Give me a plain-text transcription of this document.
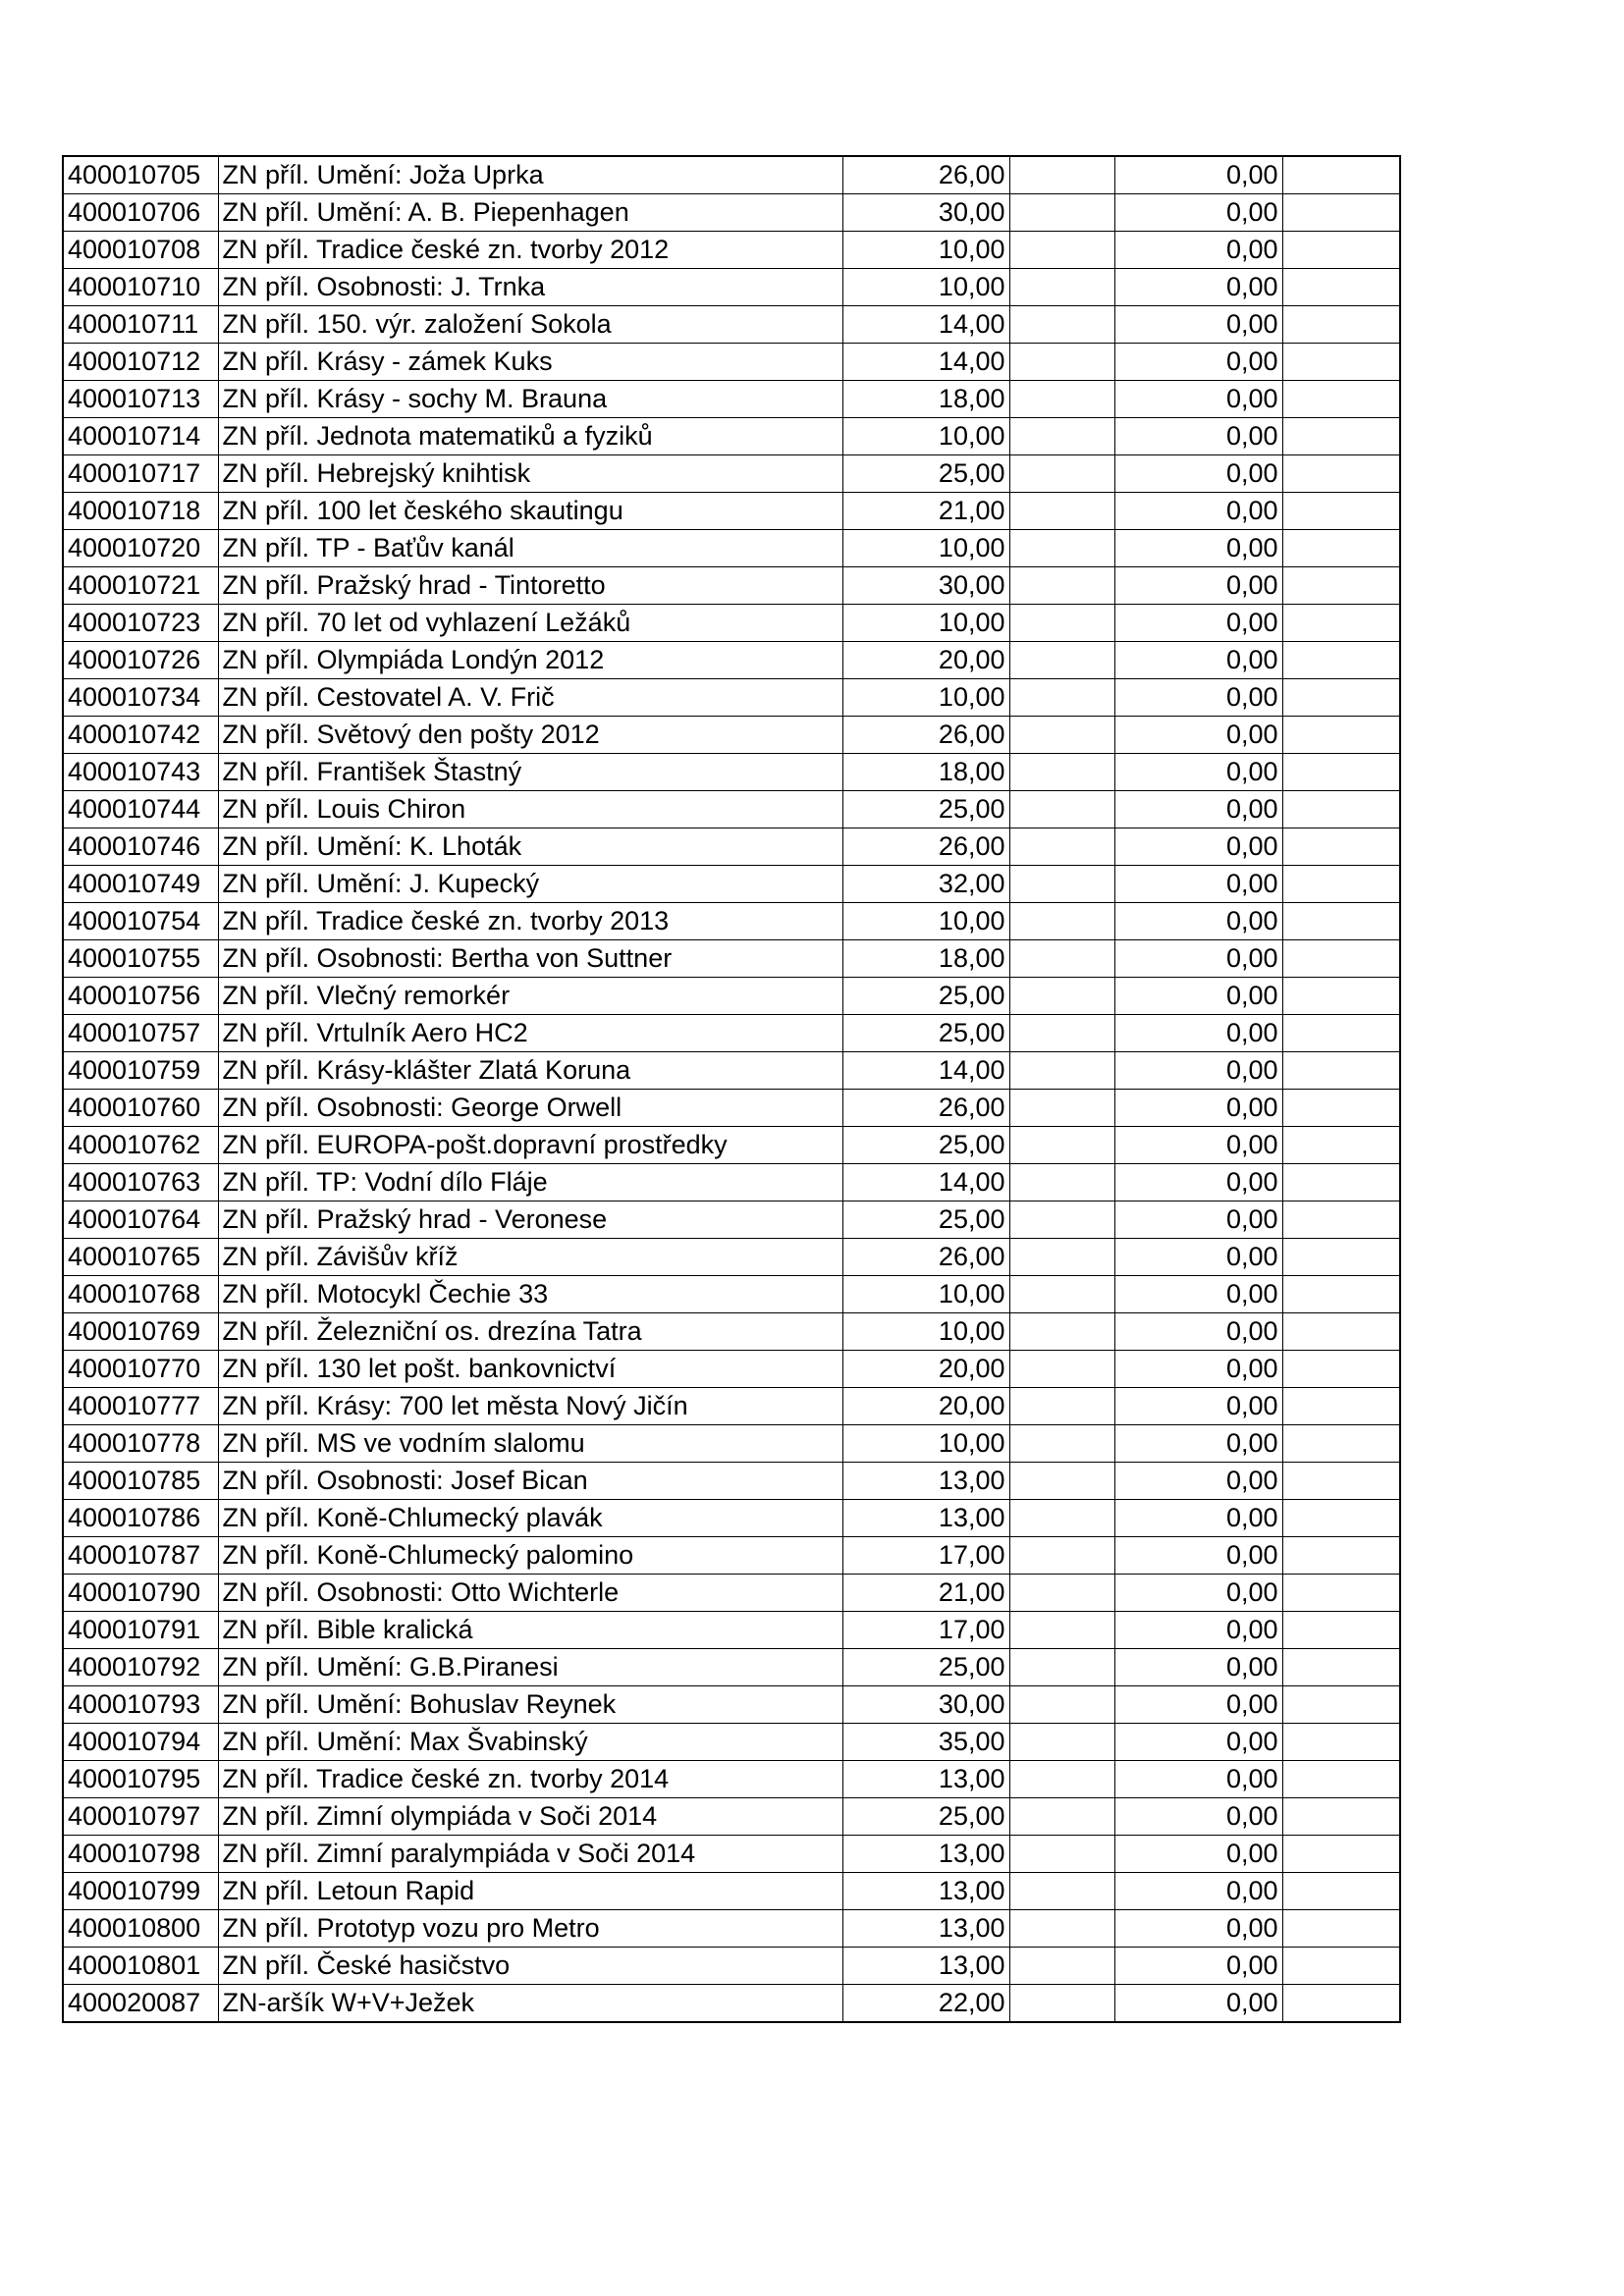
400010705	ZN příl. Umění: Joža Uprka	26,00		0,00	
400010706	ZN příl. Umění: A. B. Piepenhagen	30,00		0,00	
400010708	ZN příl. Tradice české zn. tvorby 2012	10,00		0,00	
400010710	ZN příl. Osobnosti: J. Trnka	10,00		0,00	
400010711	ZN příl. 150. výr. založení Sokola	14,00		0,00	
400010712	ZN příl. Krásy - zámek Kuks	14,00		0,00	
400010713	ZN příl. Krásy - sochy M. Brauna	18,00		0,00	
400010714	ZN příl. Jednota matematiků a fyziků	10,00		0,00	
400010717	ZN příl. Hebrejský knihtisk	25,00		0,00	
400010718	ZN příl. 100 let českého skautingu	21,00		0,00	
400010720	ZN příl. TP - Baťův kanál	10,00		0,00	
400010721	ZN příl. Pražský hrad - Tintoretto	30,00		0,00	
400010723	ZN příl. 70 let od vyhlazení Ležáků	10,00		0,00	
400010726	ZN příl. Olympiáda Londýn 2012	20,00		0,00	
400010734	ZN příl. Cestovatel A. V. Frič	10,00		0,00	
400010742	ZN příl. Světový den pošty 2012	26,00		0,00	
400010743	ZN příl. František Štastný	18,00		0,00	
400010744	ZN příl. Louis Chiron	25,00		0,00	
400010746	ZN příl. Umění: K. Lhoták	26,00		0,00	
400010749	ZN příl. Umění: J. Kupecký	32,00		0,00	
400010754	ZN příl. Tradice české zn. tvorby 2013	10,00		0,00	
400010755	ZN příl. Osobnosti: Bertha von Suttner	18,00		0,00	
400010756	ZN příl. Vlečný remorkér	25,00		0,00	
400010757	ZN příl. Vrtulník Aero HC2	25,00		0,00	
400010759	ZN příl. Krásy-klášter Zlatá Koruna	14,00		0,00	
400010760	ZN příl. Osobnosti: George Orwell	26,00		0,00	
400010762	ZN příl. EUROPA-pošt.dopravní prostředky	25,00		0,00	
400010763	ZN příl. TP: Vodní dílo Fláje	14,00		0,00	
400010764	ZN příl. Pražský hrad - Veronese	25,00		0,00	
400010765	ZN příl. Závišův kříž	26,00		0,00	
400010768	ZN příl. Motocykl Čechie 33	10,00		0,00	
400010769	ZN příl. Železniční os. drezína Tatra	10,00		0,00	
400010770	ZN příl. 130 let pošt. bankovnictví	20,00		0,00	
400010777	ZN příl. Krásy: 700 let města Nový Jičín	20,00		0,00	
400010778	ZN příl. MS ve vodním slalomu	10,00		0,00	
400010785	ZN příl. Osobnosti: Josef Bican	13,00		0,00	
400010786	ZN příl. Koně-Chlumecký plavák	13,00		0,00	
400010787	ZN příl. Koně-Chlumecký palomino	17,00		0,00	
400010790	ZN příl. Osobnosti: Otto Wichterle	21,00		0,00	
400010791	ZN příl. Bible kralická	17,00		0,00	
400010792	ZN příl. Umění: G.B.Piranesi	25,00		0,00	
400010793	ZN příl. Umění: Bohuslav Reynek	30,00		0,00	
400010794	ZN příl. Umění: Max Švabinský	35,00		0,00	
400010795	ZN příl. Tradice české zn. tvorby 2014	13,00		0,00	
400010797	ZN příl. Zimní olympiáda v Soči 2014	25,00		0,00	
400010798	ZN příl. Zimní paralympiáda v Soči 2014	13,00		0,00	
400010799	ZN příl. Letoun Rapid	13,00		0,00	
400010800	ZN příl. Prototyp vozu pro Metro	13,00		0,00	
400010801	ZN příl. České hasičstvo	13,00		0,00	
400020087	ZN-aršík W+V+Ježek	22,00		0,00	
